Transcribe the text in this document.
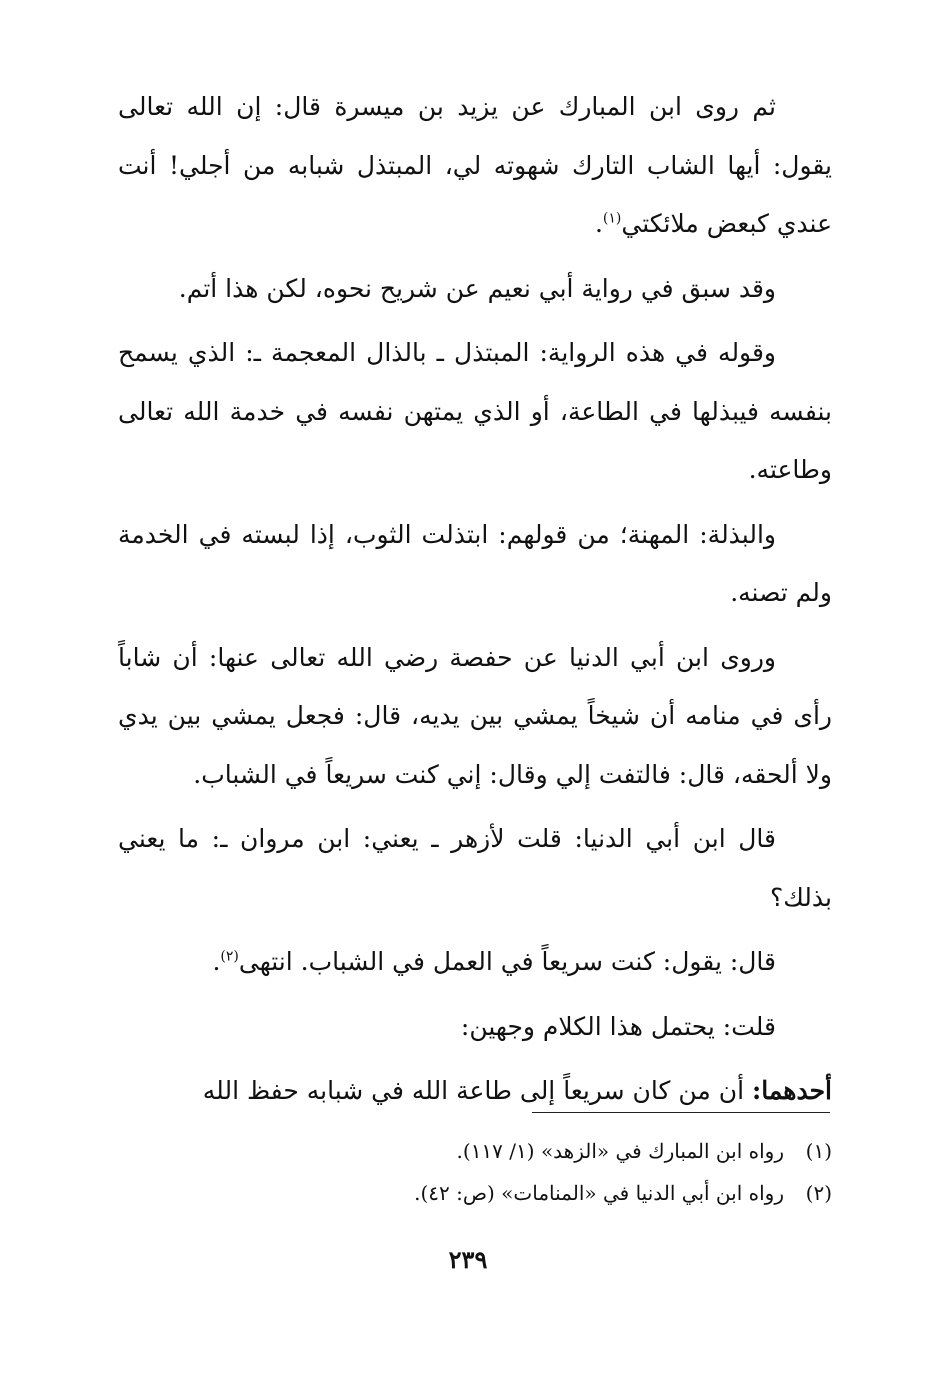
ثم روى ابن المبارك عن يزيد بن ميسرة قال: إن الله تعالى يقول: أيها الشاب التارك شهوته لي، المبتذل شبابه من أجلي! أنت عندي كبعض ملائكتي$^{(١)}$.

وقد سبق في رواية أبي نعيم عن شريح نحوه، لكن هذا أتم.

وقوله في هذه الرواية: المبتذل ـ بالذال المعجمة ـ: الذي يسمح بنفسه فيبذلها في الطاعة، أو الذي يمتهن نفسه في خدمة الله تعالى وطاعته.

والبذلة: المهنة؛ من قولهم: ابتذلت الثوب، إذا لبسته في الخدمة ولم تصنه.

وروى ابن أبي الدنيا عن حفصة رضي الله تعالى عنها: أن شاباً رأى في منامه أن شيخاً يمشي بين يديه، قال: فجعل يمشي بين يدي ولا ألحقه، قال: فالتفت إلي وقال: إني كنت سريعاً في الشباب.

قال ابن أبي الدنيا: قلت لأزهر ـ يعني: ابن مروان ـ: ما يعني بذلك؟

قال: يقول: كنت سريعاً في العمل في الشباب. انتهى$^{(٢)}$.

قلت: يحتمل هذا الكلام وجهين:

أحدهما: أن من كان سريعاً إلى طاعة الله في شبابه حفظ الله

(١)رواه ابن المبارك في «الزهد» (١/ ١١٧).

(٢)رواه ابن أبي الدنيا في «المنامات» (ص: ٤٢).

٢٣٩
